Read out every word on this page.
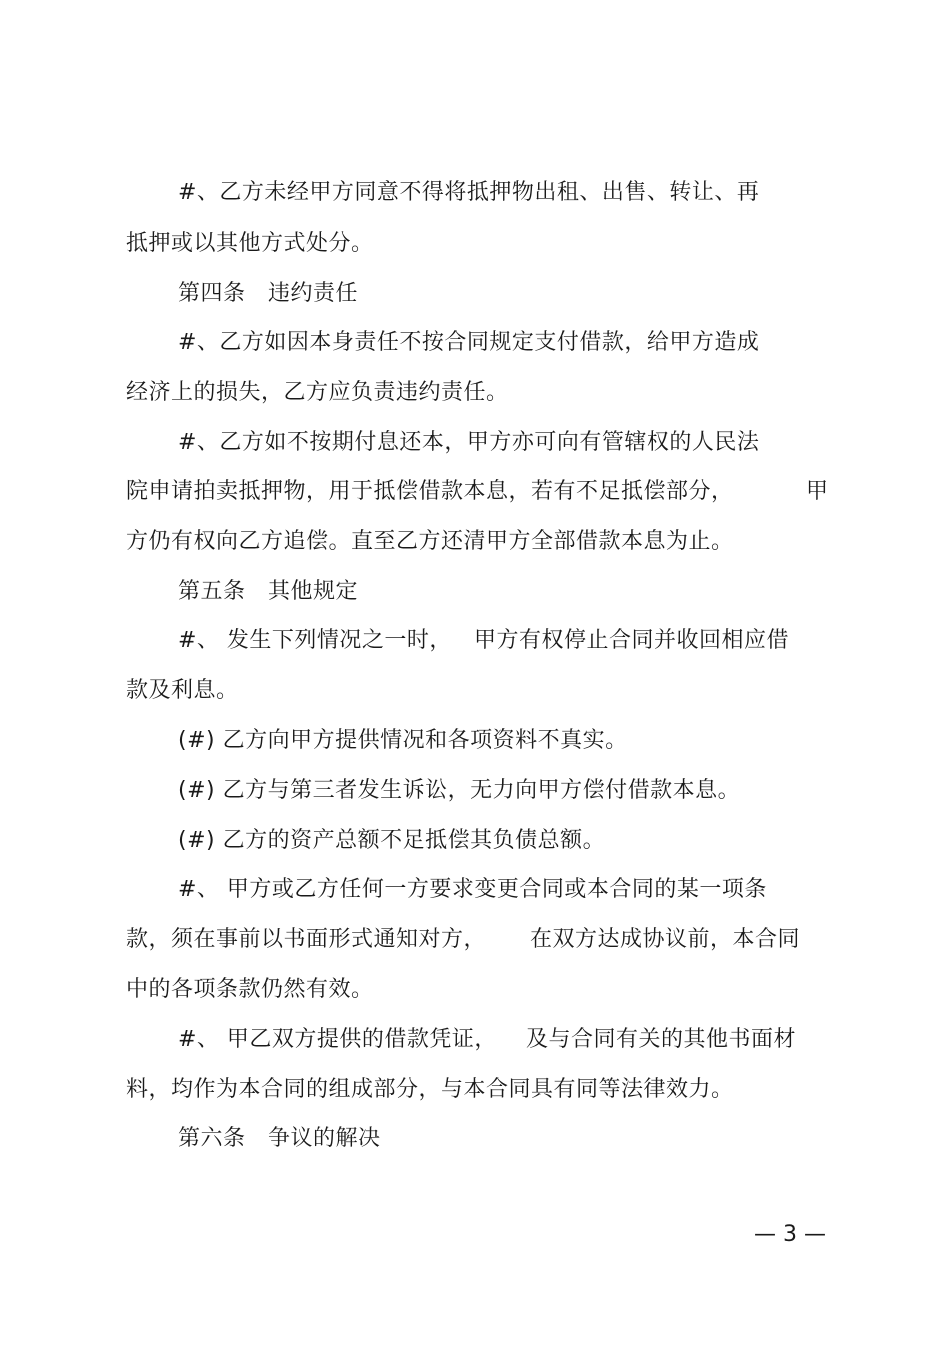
#、乙方未经甲方同意不得将抵押物出租、出售、转让、再
抵押或以其他方式处分。
第四条　违约责任
#、乙方如因本身责任不按合同规定支付借款，给甲方造成
经济上的损失，乙方应负责违约责任。
#、乙方如不按期付息还本，甲方亦可向有管辖权的人民法
院申请拍卖抵押物，用于抵偿借款本息，若有不足抵偿部分，	甲
方仍有权向乙方追偿。直至乙方还清甲方全部借款本息为止。
第五条　其他规定
#、 发生下列情况之一时， 甲方有权停止合同并收回相应借
款及利息。
(#) 乙方向甲方提供情况和各项资料不真实。
(#) 乙方与第三者发生诉讼，无力向甲方偿付借款本息。
(#) 乙方的资产总额不足抵偿其负债总额。
#、 甲方或乙方任何一方要求变更合同或本合同的某一项条
款，须在事前以书面形式通知对方， 在双方达成协议前，本合同
中的各项条款仍然有效。
#、 甲乙双方提供的借款凭证， 及与合同有关的其他书面材
料，均作为本合同的组成部分，与本合同具有同等法律效力。
第六条　争议的解决
— 3 —
